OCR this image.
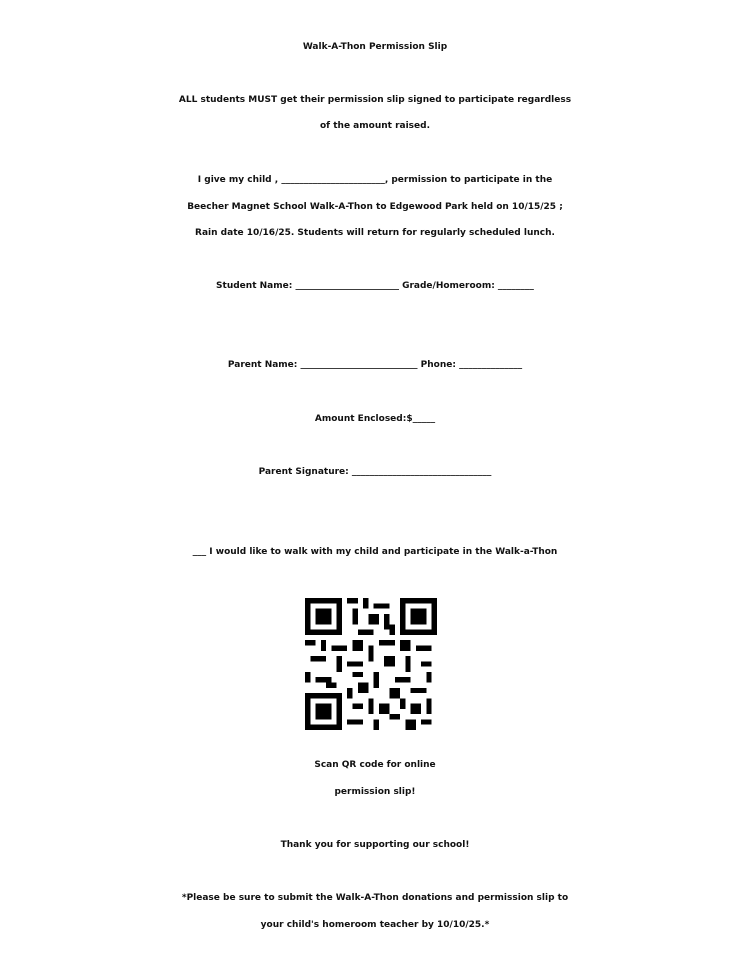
Walk-A-Thon Permission Slip
ALL students MUST get their permission slip signed to participate regardless
of the amount raised.
I give my child , _______________________, permission to participate in the
Beecher Magnet School Walk-A-Thon to Edgewood Park held on 10/15/25 ;
Rain date 10/16/25. Students will return for regularly scheduled lunch.
Student Name: _______________________ Grade/Homeroom: ________
Parent Name: __________________________ Phone: ______________
Amount Enclosed:$_____
Parent Signature: _______________________________
___ I would like to walk with my child and participate in the Walk-a-Thon
Scan QR code for online
permission slip!
Thank you for supporting our school!
*Please be sure to submit the Walk-A-Thon donations and permission slip to
your child's homeroom teacher by 10/10/25.*
